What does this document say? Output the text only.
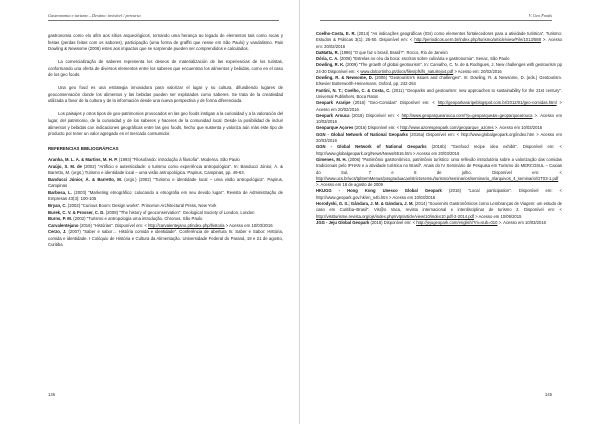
Gastronomia e turismo – Destino: invisível / percurso

gastronomia como elo afim aos sítios arqueológicos, tornando uma herança ao legado de elementos tais como rocas y festas (perdas feitas com os sabores), participação (uma forma de graffiti que nesse em São Paulo) y vandalismo. Pais Dowling & Newsome (2006) estes aos impactos que se sorprende pueden ser comprendidos e calculados.

La comercialização de saberes representa los deseos de materialización de las experiencias de los turistas, conformando una oferta de diversos elementos entre los saberes que encuentran los alimentos y bebidas, como en el caso de los geo foods.

Una geo food es una estrategia innovadora para valorizar el lugar y su cultura, difundiendo lugares de geoconservación donde los alimentos y las bebidas pueden ser explotados como saberes. Se trata de la creatividad utilizada a favor de la cultura y de la información desde una nueva perspectiva y de forma diferenciada.

Los paisajes y otros tipos de geo-patrimonios provocados en las geo foods instigan a la curiosidad y a la valoración del lugar, del patrimonio, de la curiosidad y de los saberes y haceres de la comunidad local. Desde la posibilidad de incluir alimentos y bebidas con indicaciones geográficas entre las geo foods, hecho que sustenta y valoriza aún más este tipo de producto por tener un valor agregado en el mercado consumidor.

REFERENCIAS BIBLIOGRÁFICAS

Aranha, M. L. A. & Martins, M. H. P. (1993) "Filosofando: introdução à filosofia". Moderna. São Paulo

Araújo, S. M. de (2002) "Artifício e autenticidade: o turismo como experiência antropológica". In: Banducci Júnior, Á. & Barretto, M. (orgs.) Turismo e identidade local – uma visão antropológica. Papirus, Campinas, pp. 49-63.

Banducci Júnior, Á. & Barretto, M. (orgs.) (2002) "Turismo e identidade local – uma visão antropológica". Papirus, Campinas

Barbosa, L. (2003) "Marketing etnográfico: colocando a etnografia em seu devido lugar". Revista de Administração de Empresas 43(3): 100-105

Bryan, C. (2002) "Curious Boom: Design works". Princeton Architectural Press, New York

Burek, C. V. & Prosser, C. D. (2008) "The history of geoconservation". Geological Society of London, London

Burns, P. M. (2002) "Turismo e antropologia uma introdução. Chronos, São Paulo

Carvalentejano (2016) "Histórias". Disponível em: < http://carvalentejano.ptíndex.php/historia > Acesso em 10/03/2016

Cerzo, J. (2007) "Saber e sabor… História comida e identidade". Conferência de abertura In: Saber e Sabor: História, comida e identidade. I Colóquio de História e Cultura da Alimentação. Universidade Federal do Paraná, 19 e 21 de agosto, Curitiba

146
V. Geo Foods

Coelho-Costa, E. R. (2014) "As indicações geográficas (IGs) como elementos fortalecedores para a atividade turística". Turismo: Estudos & Práticas 3(1): 25-50. Disponível em: < http://periodicos.uern.br/index.php/turismo/article/view/File/1013/588 >. Acesso em: 20/02/2016

DaMatta, R. (1986) "O que faz o brasil, Brasil?". Rocco, Rio de Janeiro

Dória, C. A. (2006) "Estrelas no céu da boca: escritos sobre culinária e gastronomia". Senac, São Paulo

Dowling, R. K. (2009) "The growth of global geotourism". In: Carvalho, C. N. de & Rodrigues, J. New challenges with geotourism pp 24-30 Disponível em: < www.dolcortinho.pt/docs/files/pfs/fs_naturtejo4.pdf > Acesso em: 20/02/2016

Dowling, R. & Newsome, D. (2006) "Geotourism's issues and challenges". In: Dowling, R. & Newsome, D. (eds.) Geotourism. Elsevier Butterworth-Heinemann, Oxford, pp. 242-254

Fantini, N. T.; Coelho, C. & Costa, C. (2011) "Geoparks and geotourism: new approaches to sustainability for the 21st century". Universal Publishers, Boca Raton

Geopark Araripe (2016) "Geo-Comidas" Disponível em: < http://geoparkararipeblogspot.com.br/2012/01/geo-comidas.html > Acesso em 20/02/2016

Geopark Arouca (2016) Disponível em: < http://www.geoparquearouca.com/?p=geoparque&s=geoparquearouca >. Acesso em 10/03/2016

Geoparque Açores (2016) Disponível em: < http://www.azoresgeopark.com/geoparque_azores >. Acesso em 10/03/2016

GGN - Global Network of National Geoparks (2016a) Disponível em: < http://www.globalgeopark.org/index.htm > Acesso em 20/03/2016

GGN - Global Network of National Geoparks (2016b) "Geofood recipe idea exhibit". Disponível em: < http://www.globalgeopark.org/News/News/6616.htm > Acesso em 20/03/2016

Gimenes, M. H. (2006) "Patrimônio gastronômico, patrimônio turístico: uma reflexão introdutória sobre a valorização das comidas tradicionais pelo IPHAN e a atividade turística no Brasil". Anais do IV Seminário de Pesquisa em Turismo do MERCOSUL – Caxias do Sul, 7 e 8 de julho. Disponível em: < http://www.ucs.br/ucs/tplSemMenus/posgraduacao/strictosensu/turismo/seminarios/seminario_4/arquivos_4_seminario/GT03-1.pdf >. Acesso em 18 de agosto de 2009

HKUGG - Hong Kong Unesco Global Geopark (2016) "Local participation". Disponível em: < http://www.geopark.gov.hk/en_s4b.htm > Acesso em 10/03/2016

Horodyski, G. S.; Gândara, J. M. & Gándara, J. M. (2014) "Souvenirs Gastronômicos como Lembranças de Viagem: um estudo de caso em Curitiba–Brasil". Vis@o Vaca, revista internacional e interdisciplinar de turismo 2. Disponível em: < http://visitturisme.revista.org/ojs/index.php/rvtp/article/view/10/index10.pdf-2-2014.pdf > Acesso em 10/09/2015

JGG - Jeju Global Geopark (2016) Disponível em: < http://jejugeopark.com/english/?m=sub=010 >. Acesso em 10/03/2016

145
